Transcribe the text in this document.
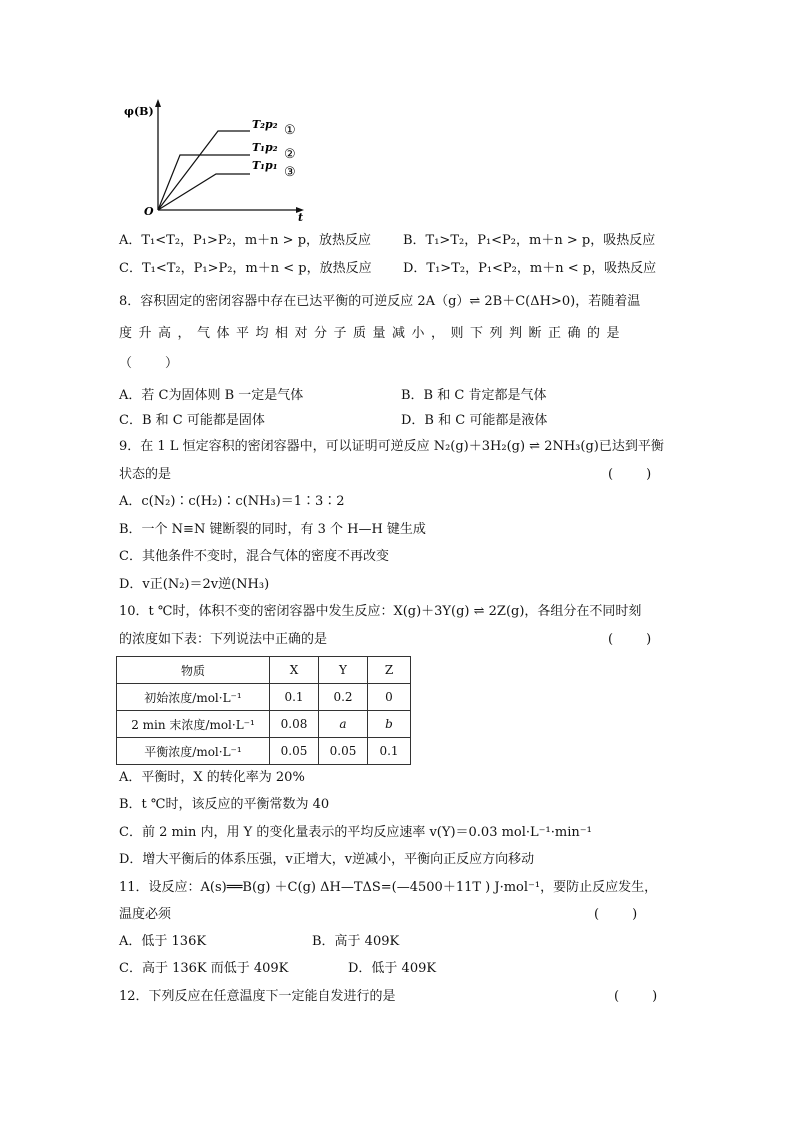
φ(B)
t
O
T₂p₂ ①
T₁p₂ ②
T₁p₁ ③
A．T₁<T₂，P₁>P₂，m＋n > p，放热反应 B．T₁>T₂，P₁<P₂，m＋n > p，吸热反应
C．T₁<T₂，P₁>P₂，m＋n < p，放热反应 D．T₁>T₂，P₁<P₂，m＋n < p，吸热反应
8．容积固定的密闭容器中存在已达平衡的可逆反应 2A（g）⇌ 2B＋C(ΔH>0)，若随着温
度升高，气体平均相对分子质量减小，则下列判断正确的是
（        ）
A．若 C为固体则 B 一定是气体	B．B 和 C 肯定都是气体
C．B 和 C 可能都是固体	D．B 和 C 可能都是液体
9．在 1 L 恒定容积的密闭容器中，可以证明可逆反应 N₂(g)＋3H₂(g) ⇌ 2NH₃(g)已达到平衡
状态的是	(        )
A．c(N₂)∶c(H₂)∶c(NH₃)＝1∶3∶2
B．一个 N≡N 键断裂的同时，有 3 个 H—H 键生成
C．其他条件不变时，混合气体的密度不再改变
D．v正(N₂)＝2v逆(NH₃)
10．t ℃时，体积不变的密闭容器中发生反应：X(g)＋3Y(g) ⇌ 2Z(g)，各组分在不同时刻
的浓度如下表：下列说法中正确的是	(        )
物质	X	Y	Z
初始浓度/mol·L⁻¹	0.1	0.2	0
2 min 末浓度/mol·L⁻¹	0.08	a	b
平衡浓度/mol·L⁻¹	0.05	0.05	0.1
A．平衡时，X 的转化率为 20%
B．t ℃时，该反应的平衡常数为 40
C．前 2 min 内，用 Y 的变化量表示的平均反应速率 v(Y)＝0.03 mol·L⁻¹·min⁻¹
D．增大平衡后的体系压强，v正增大，v逆减小，平衡向正反应方向移动
11．设反应：A(s)══B(g) ＋C(g) ΔH—TΔS=(—4500＋11T ) J·mol⁻¹，要防止反应发生，
温度必须	(        )
A．低于 136K	B．高于 409K
C．高于 136K 而低于 409K	D．低于 409K
12．下列反应在任意温度下一定能自发进行的是	(        )
